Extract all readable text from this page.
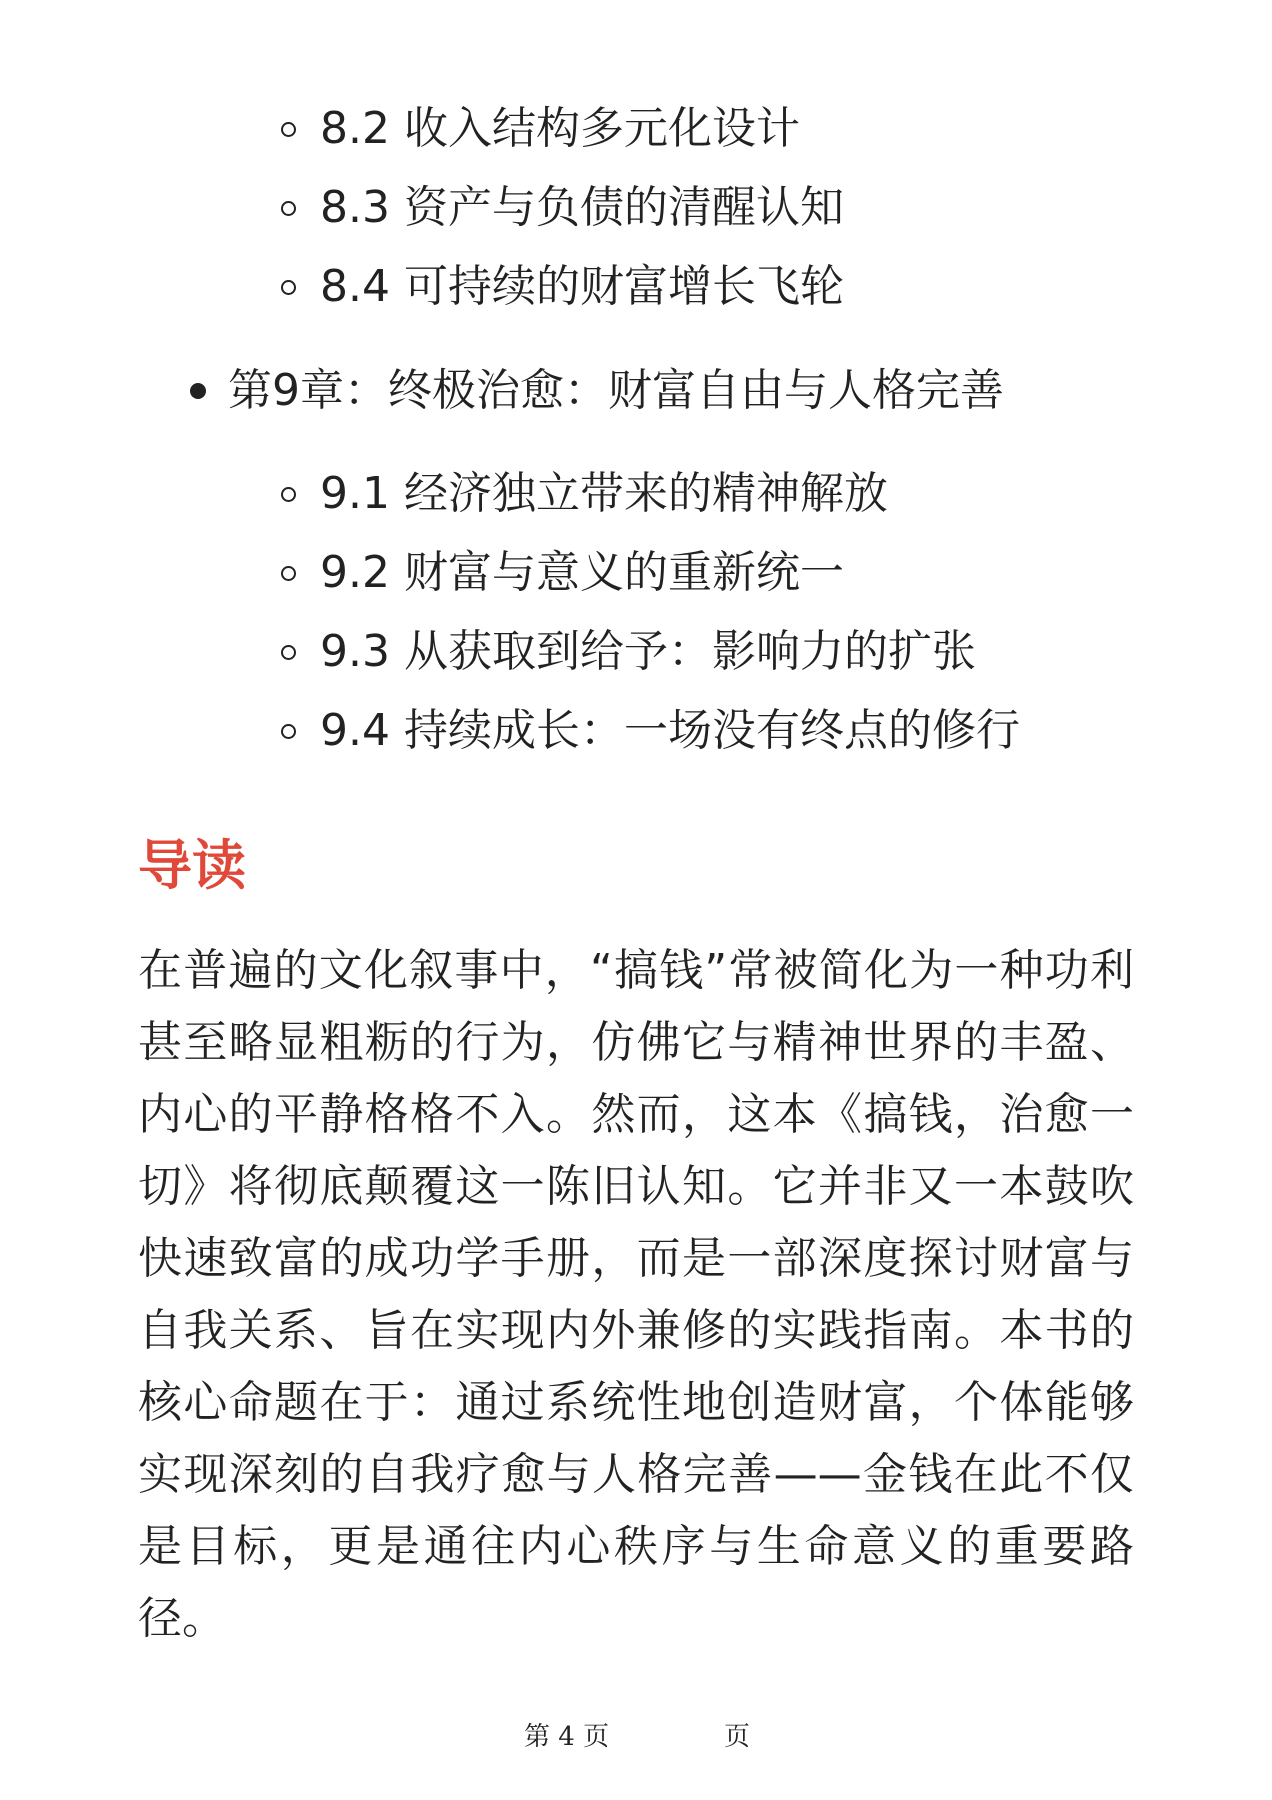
8.2 收入结构多元化设计
8.3 资产与负债的清醒认知
8.4 可持续的财富增长飞轮
第9章：终极治愈：财富自由与人格完善
9.1 经济独立带来的精神解放
9.2 财富与意义的重新统一
9.3 从获取到给予：影响力的扩张
9.4 持续成长：一场没有终点的修行
导读

在普遍的文化叙事中，“搞钱”常被简化为一种功利甚至略显粗粝的行为，仿佛它与精神世界的丰盈、内心的平静格格不入。然而，这本《搞钱，治愈一切》将彻底颠覆这一陈旧认知。它并非又一本鼓吹快速致富的成功学手册，而是一部深度探讨财富与自我关系、旨在实现内外兼修的实践指南。本书的核心命题在于：通过系统性地创造财富，个体能够实现深刻的自我疗愈与人格完善——金钱在此不仅是目标，更是通往内心秩序与生命意义的重要路径。

第 4 页	页
